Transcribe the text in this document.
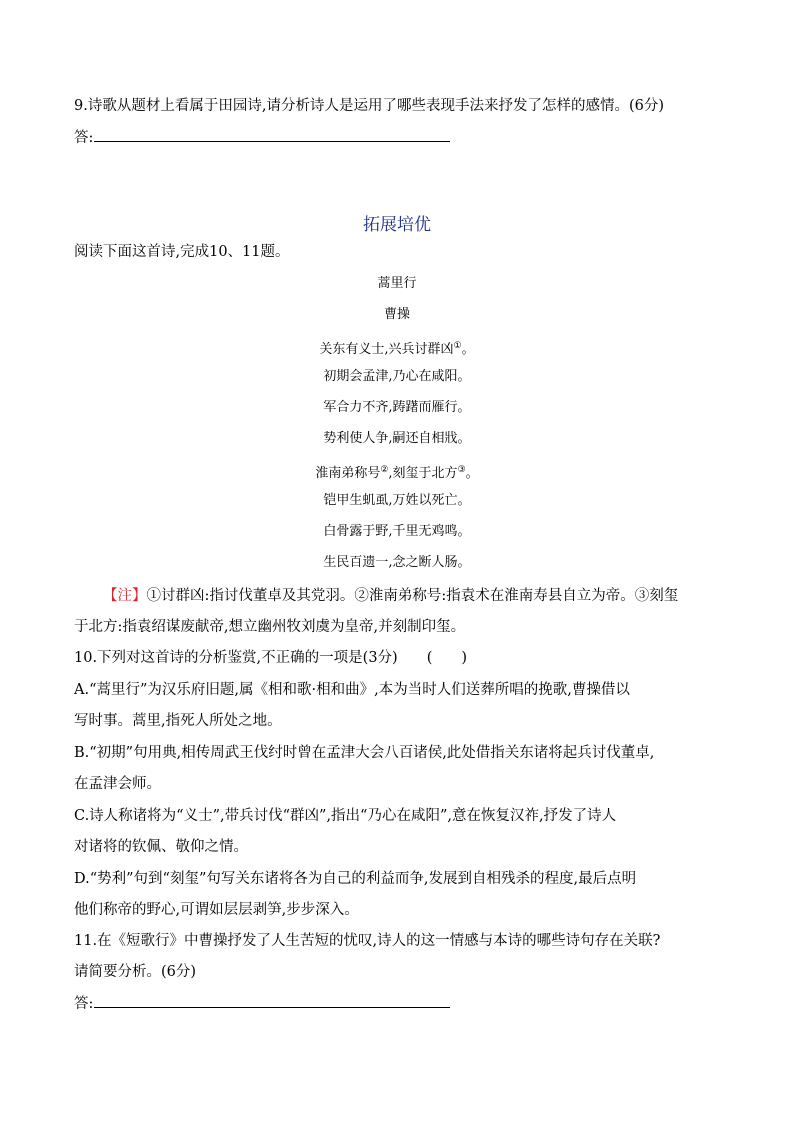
9.诗歌从题材上看属于田园诗,请分析诗人是运用了哪些表现手法来抒发了怎样的感情。(6分)
答:
拓展培优
阅读下面这首诗,完成10、11题。
蒿里行
曹操
关东有义士,兴兵讨群凶①。
初期会孟津,乃心在咸阳。
军合力不齐,踌躇而雁行。
势利使人争,嗣还自相戕。
淮南弟称号②,刻玺于北方③。
铠甲生虮虱,万姓以死亡。
白骨露于野,千里无鸡鸣。
生民百遗一,念之断人肠。
【注】①讨群凶:指讨伐董卓及其党羽。②淮南弟称号:指袁术在淮南寿县自立为帝。③刻玺
于北方:指袁绍谋废献帝,想立幽州牧刘虞为皇帝,并刻制印玺。
10.下列对这首诗的分析鉴赏,不正确的一项是(3分)　　(　　)
A.“蒿里行”为汉乐府旧题,属《相和歌·相和曲》,本为当时人们送葬所唱的挽歌,曹操借以
写时事。蒿里,指死人所处之地。
B.“初期”句用典,相传周武王伐纣时曾在孟津大会八百诸侯,此处借指关东诸将起兵讨伐董卓,
在孟津会师。
C.诗人称诸将为“义士”,带兵讨伐“群凶”,指出“乃心在咸阳”,意在恢复汉祚,抒发了诗人
对诸将的钦佩、敬仰之情。
D.“势利”句到“刻玺”句写关东诸将各为自己的利益而争,发展到自相残杀的程度,最后点明
他们称帝的野心,可谓如层层剥笋,步步深入。
11.在《短歌行》中曹操抒发了人生苦短的忧叹,诗人的这一情感与本诗的哪些诗句存在关联?
请简要分析。(6分)
答:
